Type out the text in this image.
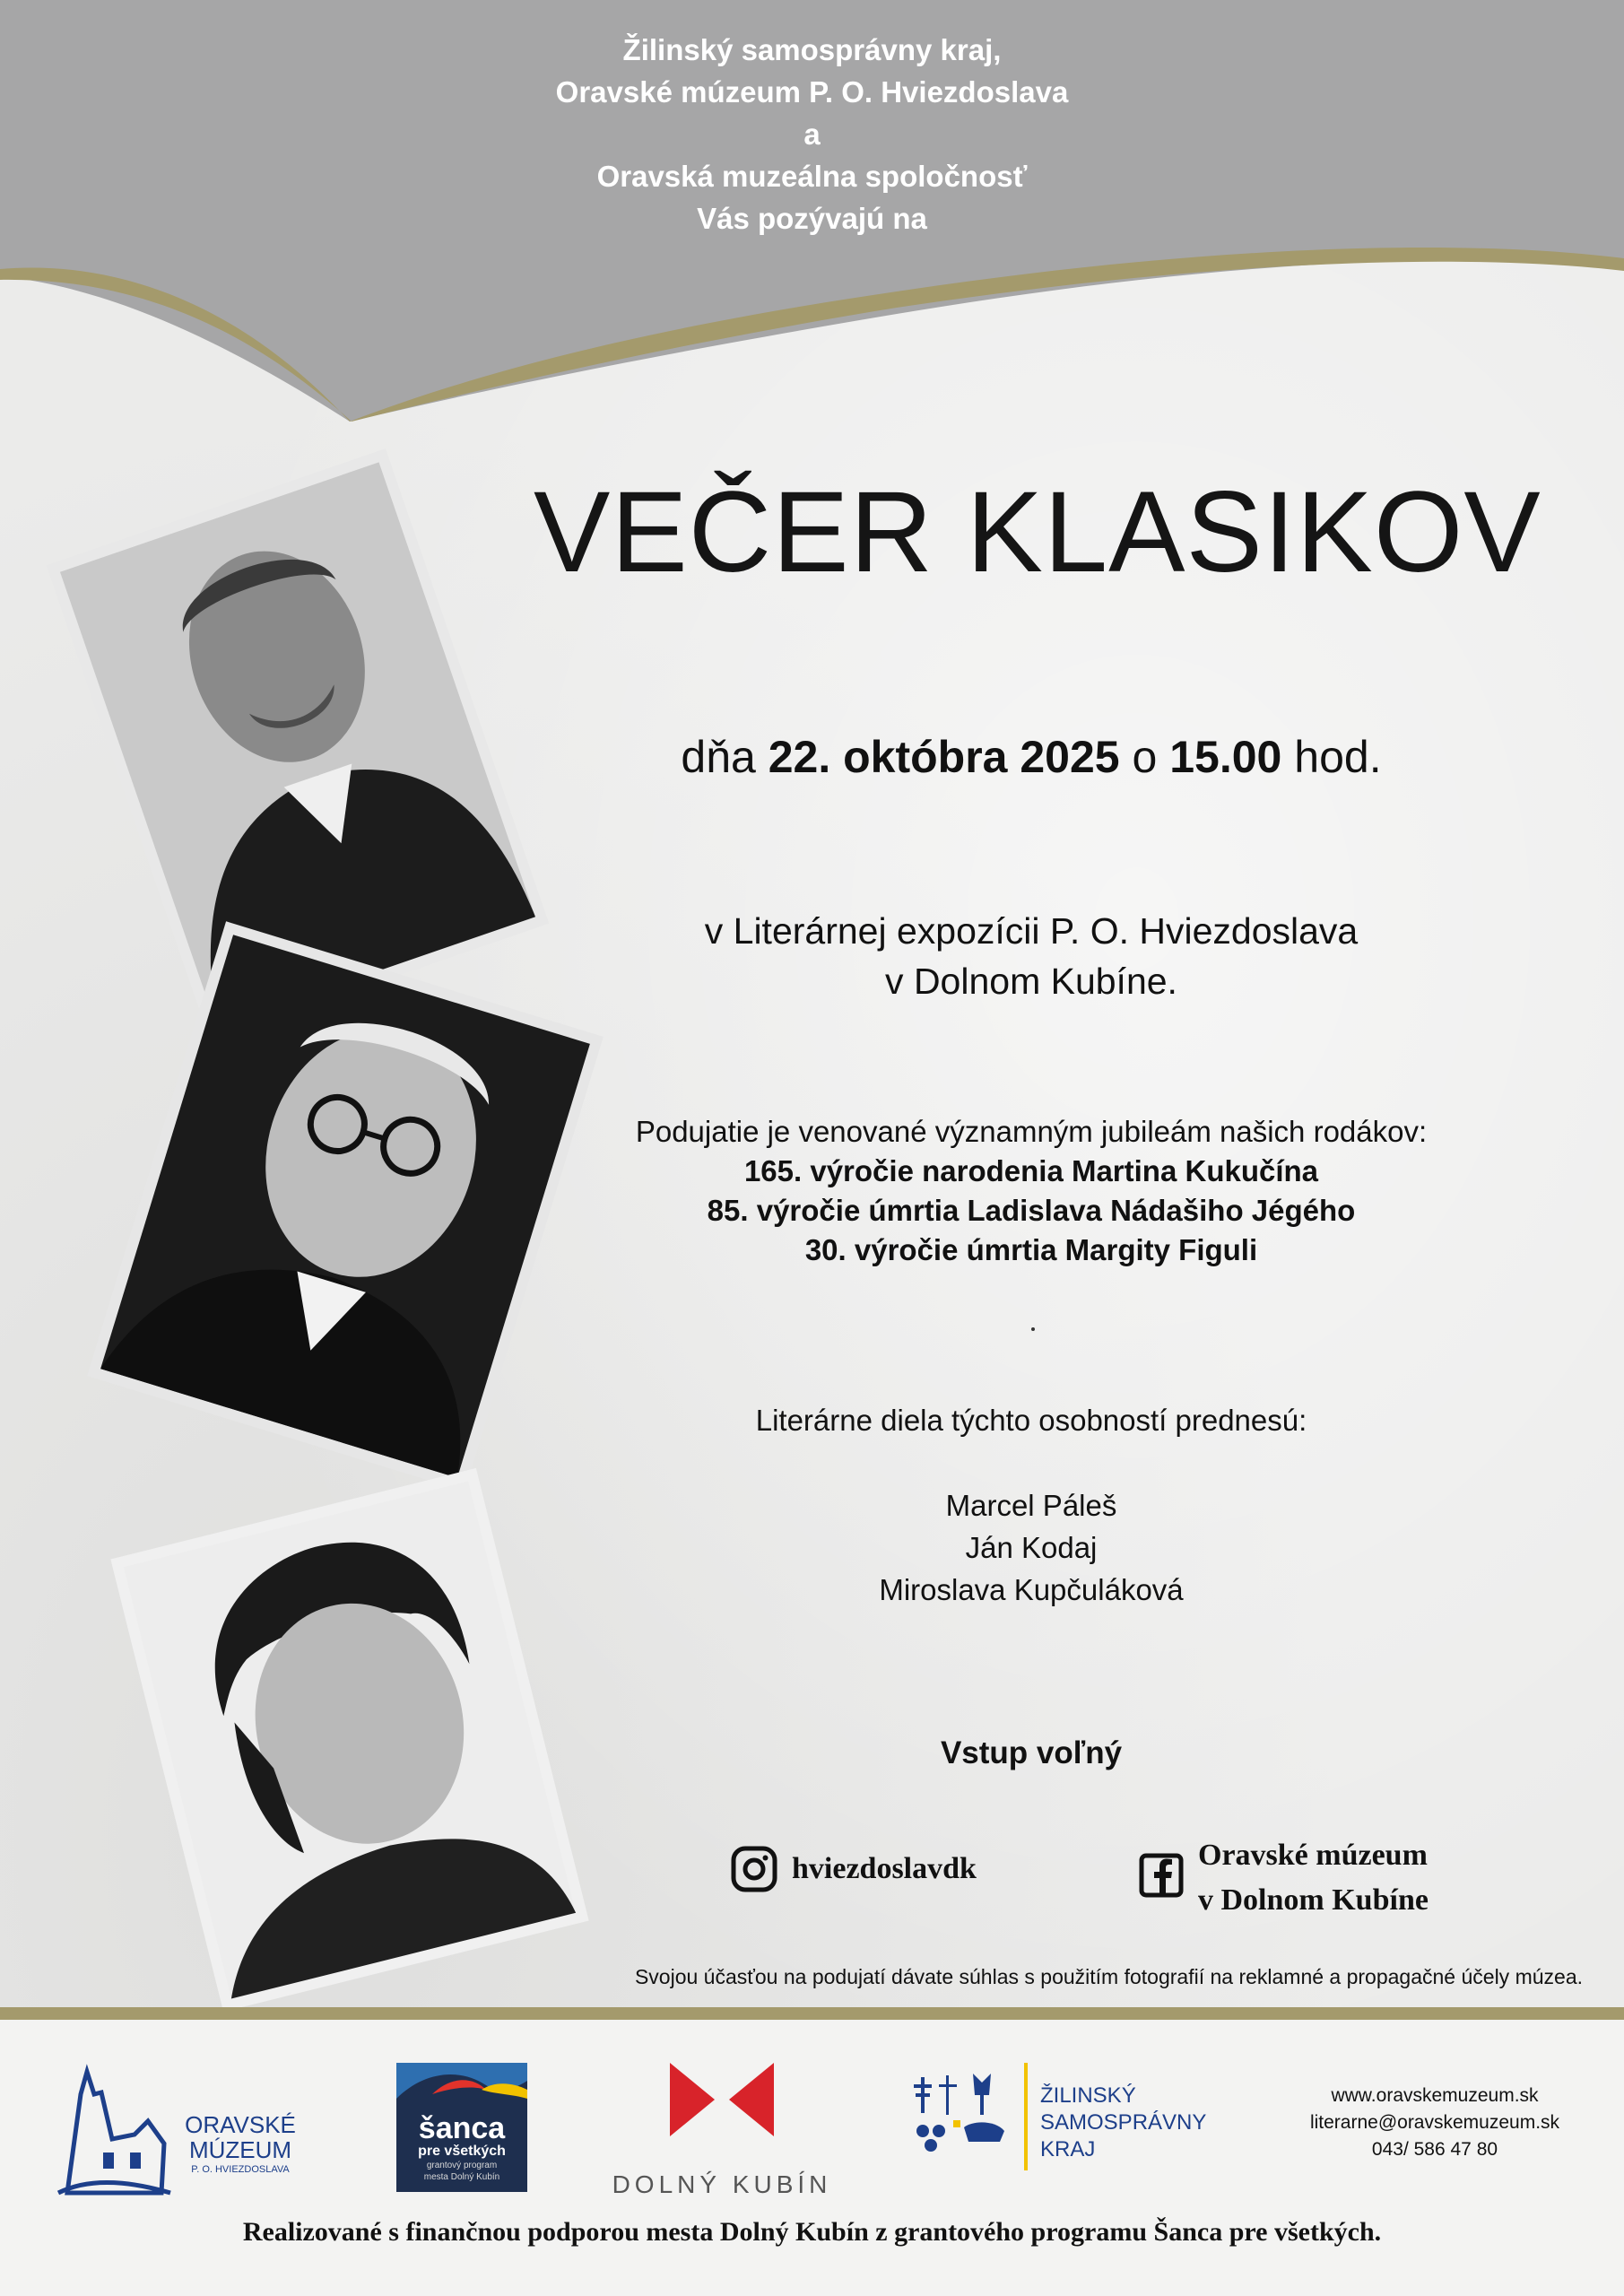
Žilinský samosprávny kraj,
Oravské múzeum P. O. Hviezdoslava
a
Oravská muzeálna spoločnosť
Vás pozývajú na
VEČER KLASIKOV
dňa 22. októbra 2025 o 15.00 hod.
v Literárnej expozícii P. O. Hviezdoslava
v Dolnom Kubíne.
Podujatie je venované významným jubileám našich rodákov:
165. výročie narodenia Martina Kukučína
85. výročie úmrtia Ladislava Nádašiho Jégého
30. výročie úmrtia Margity Figuli
Literárne diela týchto osobností prednesú:
Marcel Páleš
Ján Kodaj
Miroslava Kupčuláková
Vstup voľný
hviezdoslavdk	Oravské múzeum
v Dolnom Kubíne
Svojou účasťou na podujatí dávate súhlas s použitím fotografií na reklamné a propagačné účely múzea.
ORAVSKÉ
MÚZEUM
P. O. HVIEZDOSLAVA
šanca
pre všetkých
grantový program
mesta Dolný Kubín	DOLNÝ KUBÍN
ŽILINSKÝ
SAMOSPRÁVNY
KRAJ
www.oravskemuzeum.sk
literarne@oravskemuzeum.sk
043/ 586 47 80
Realizované s finančnou podporou mesta Dolný Kubín z grantového programu Šanca pre všetkých.
